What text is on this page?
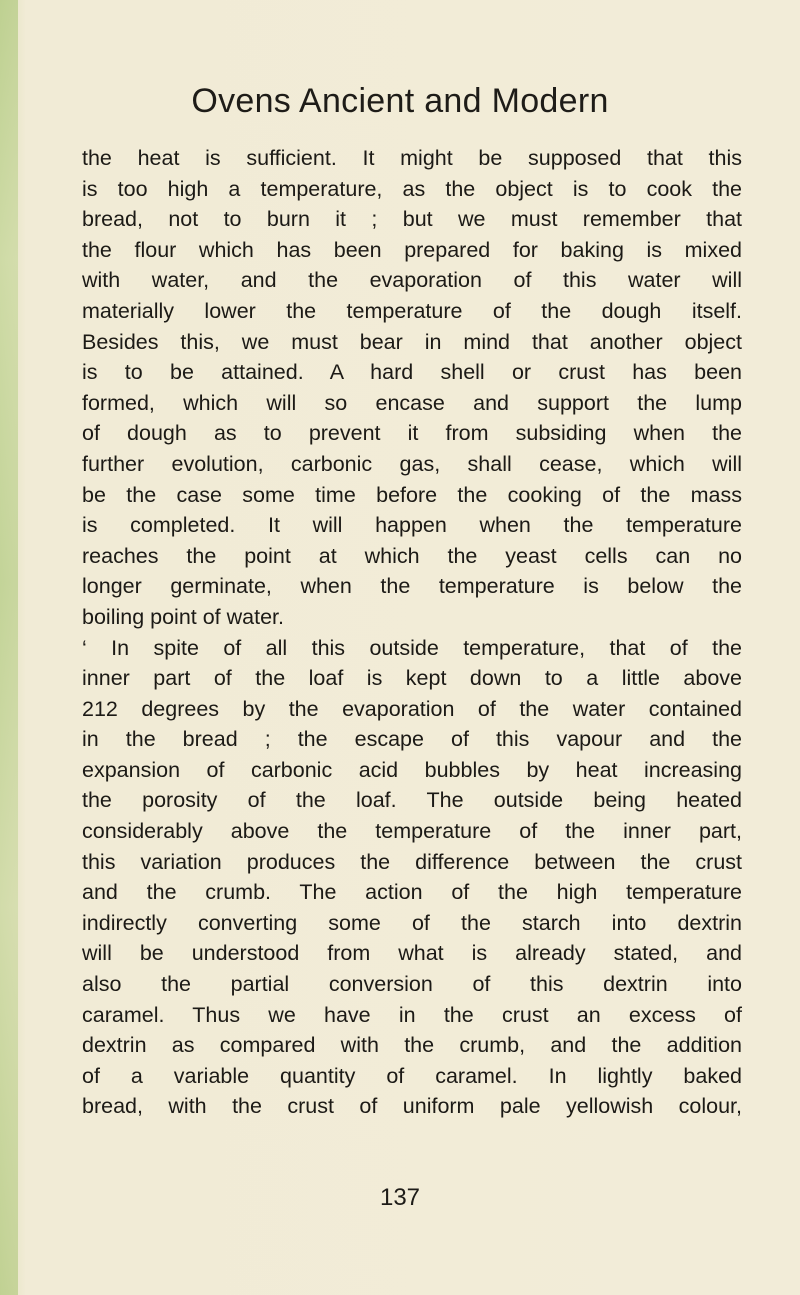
Ovens Ancient and Modern
the heat is sufficient. It might be supposed that this
is too high a temperature, as the object is to cook the
bread, not to burn it ; but we must remember that
the flour which has been prepared for baking is mixed
with water, and the evaporation of this water will
materially lower the temperature of the dough itself.
Besides this, we must bear in mind that another object
is to be attained. A hard shell or crust has been
formed, which will so encase and support the lump
of dough as to prevent it from subsiding when the
further evolution, carbonic gas, shall cease, which will
be the case some time before the cooking of the mass
is completed. It will happen when the temperature
reaches the point at which the yeast cells can no
longer germinate, when the temperature is below the
boiling point of water.
‘ In spite of all this outside temperature, that of the
inner part of the loaf is kept down to a little above
212 degrees by the evaporation of the water contained
in the bread ; the escape of this vapour and the
expansion of carbonic acid bubbles by heat increasing
the porosity of the loaf. The outside being heated
considerably above the temperature of the inner part,
this variation produces the difference between the crust
and the crumb. The action of the high temperature
indirectly converting some of the starch into dextrin
will be understood from what is already stated, and
also the partial conversion of this dextrin into
caramel. Thus we have in the crust an excess of
dextrin as compared with the crumb, and the addition
of a variable quantity of caramel. In lightly baked
bread, with the crust of uniform pale yellowish colour,
137
